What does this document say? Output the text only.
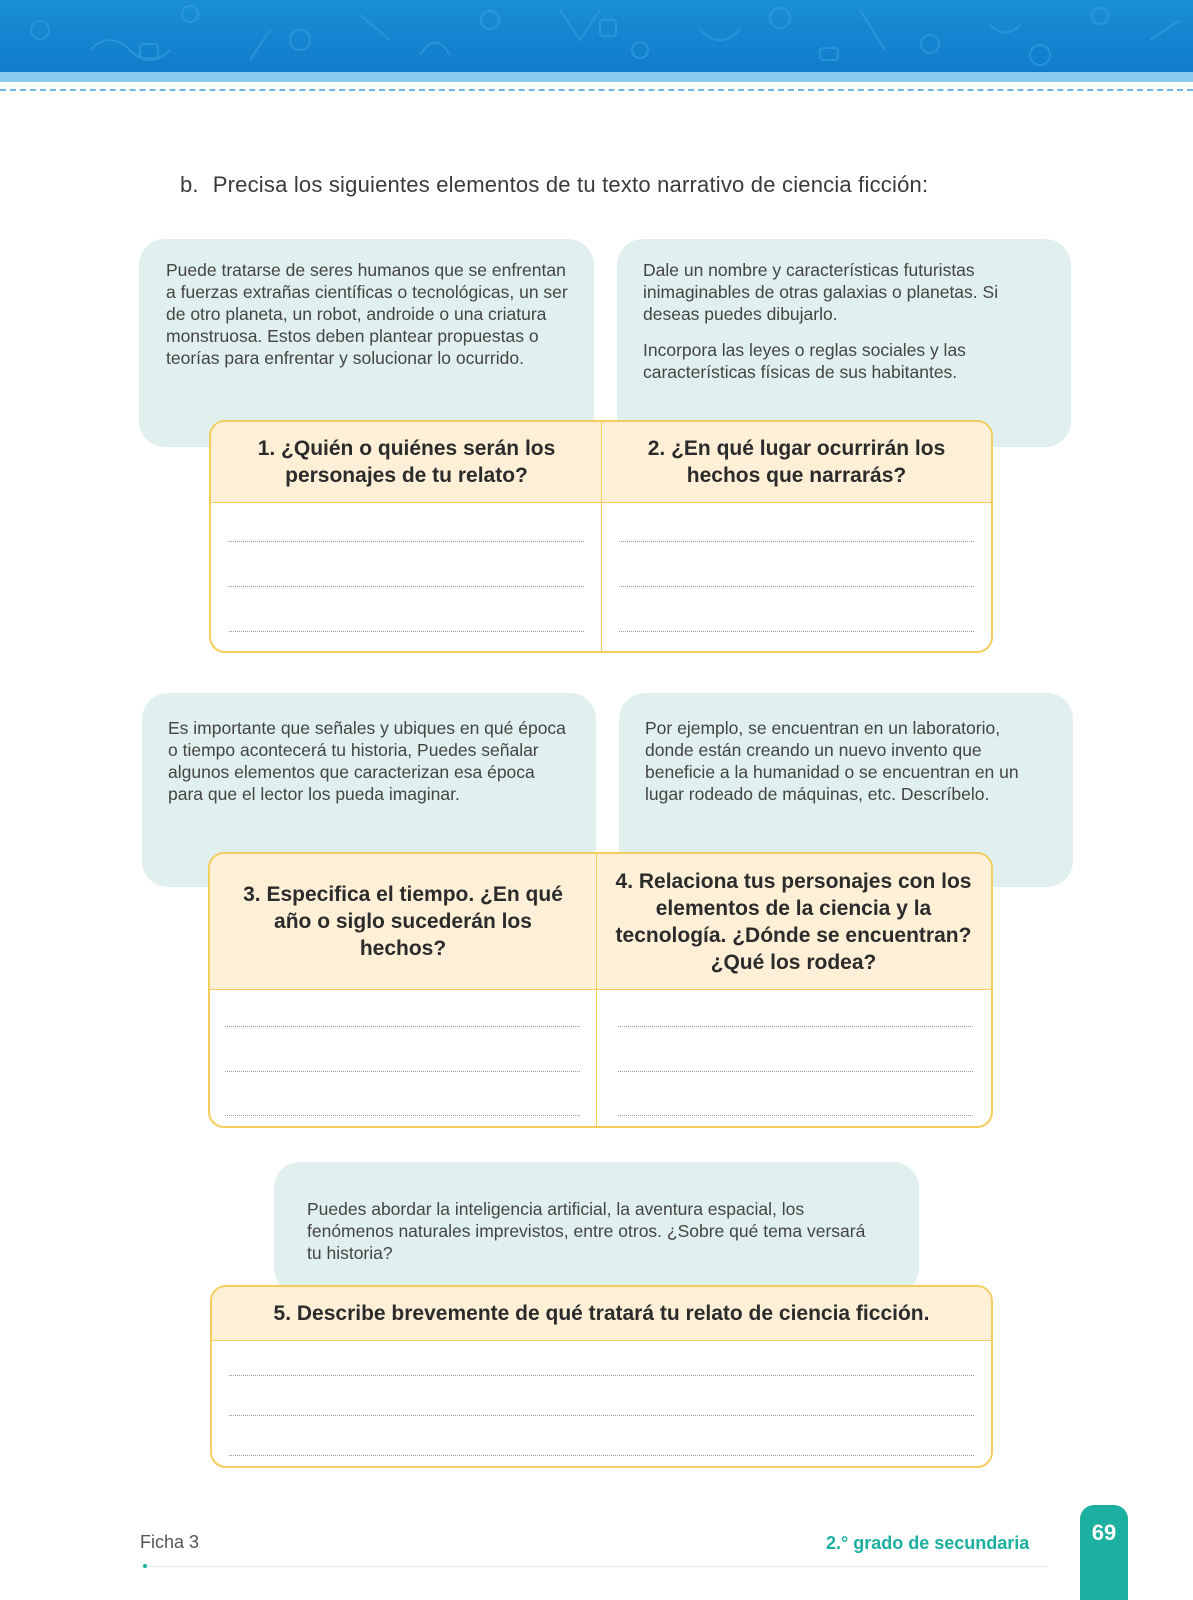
b. Precisa los siguientes elementos de tu texto narrativo de ciencia ficción:

Puede tratarse de seres humanos que se enfrentan a fuerzas extrañas científicas o tecnológicas, un ser de otro planeta, un robot, androide o una criatura monstruosa. Estos deben plantear propuestas o teorías para enfrentar y solucionar lo ocurrido.

Dale un nombre y características futuristas inimaginables de otras galaxias o planetas. Si deseas puedes dibujarlo.

Incorpora las leyes o reglas sociales y las características físicas de sus habitantes.

1. ¿Quién o quiénes serán los personajes de tu relato?
2. ¿En qué lugar ocurrirán los hechos que narrarás?

Es importante que señales y ubiques en qué época o tiempo acontecerá tu historia, Puedes señalar algunos elementos que caracterizan esa época para que el lector los pueda imaginar.

Por ejemplo, se encuentran en un laboratorio, donde están creando un nuevo invento que beneficie a la humanidad o se encuentran en un lugar rodeado de máquinas, etc. Descríbelo.

3. Especifica el tiempo. ¿En qué año o siglo sucederán los hechos?
4. Relaciona tus personajes con los elementos de la ciencia y la tecnología. ¿Dónde se encuentran? ¿Qué los rodea?

Puedes abordar la inteligencia artificial, la aventura espacial, los fenómenos naturales imprevistos, entre otros. ¿Sobre qué tema versará tu historia?

5. Describe brevemente de qué tratará tu relato de ciencia ficción.
Ficha 3	2.° grado de secundaria	69
